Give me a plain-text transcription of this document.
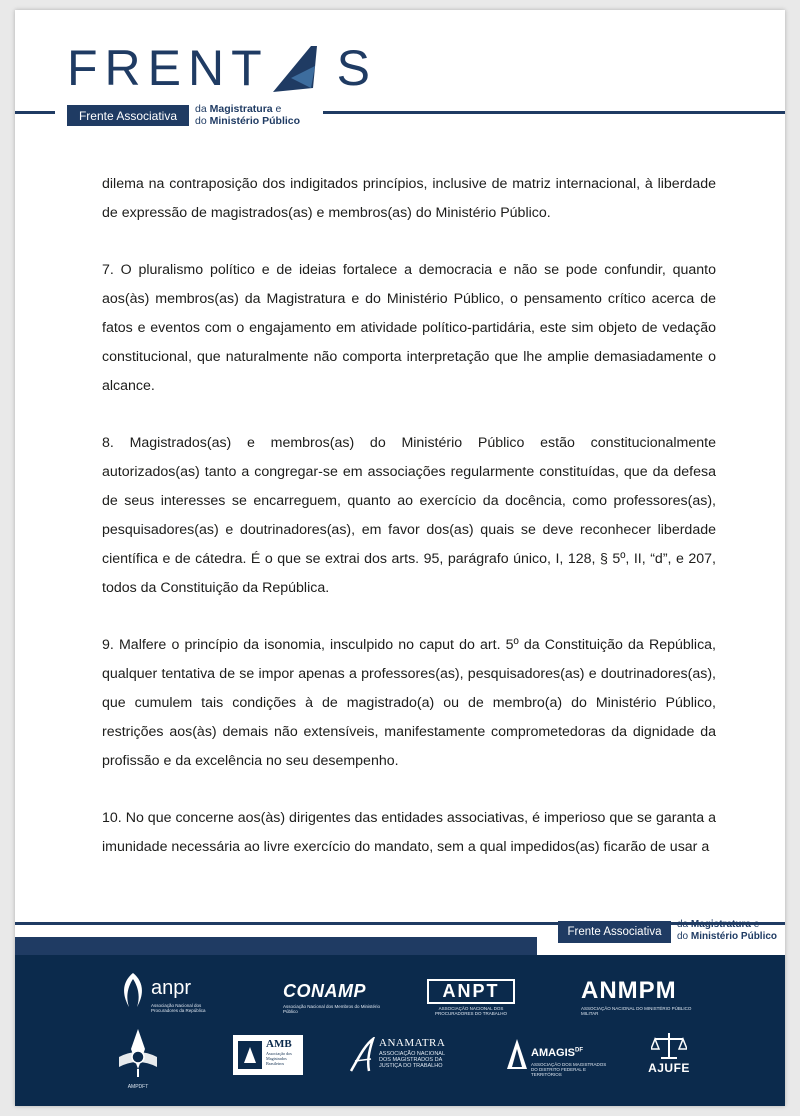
FRENT S
Frente Associativa	da Magistratura e
do Ministério Público

dilema na contraposição dos indigitados princípios, inclusive de matriz internacional, à liberdade de expressão de magistrados(as) e membros(as) do Ministério Público.

7. O pluralismo político e de ideias fortalece a democracia e não se pode confundir, quanto aos(às) membros(as) da Magistratura e do Ministério Público, o pensamento crítico acerca de fatos e eventos com o engajamento em atividade político-partidária, este sim objeto de vedação constitucional, que naturalmente não comporta interpretação que lhe amplie demasiadamente o alcance.

8. Magistrados(as) e membros(as) do Ministério Público estão constitucionalmente autorizados(as) tanto a congregar-se em associações regularmente constituídas, que da defesa de seus interesses se encarreguem, quanto ao exercício da docência, como professores(as), pesquisadores(as) e doutrinadores(as), em favor dos(as) quais se deve reconhecer liberdade científica e de cátedra. É o que se extrai dos arts. 95, parágrafo único, I, 128, § 5º, II, “d”, e 207, todos da Constituição da República.

9. Malfere o princípio da isonomia, insculpido no caput do art. 5º da Constituição da República, qualquer tentativa de se impor apenas a professores(as), pesquisadores(as) e doutrinadores(as), que cumulem tais condições à de magistrado(a) ou de membro(a) do Ministério Público, restrições aos(às) demais não extensíveis, manifestamente comprometedoras da dignidade da profissão e da excelência no seu desempenho.

10. No que concerne aos(às) dirigentes das entidades associativas, é imperioso que se garanta a imunidade necessária ao livre exercício do mandato, sem a qual impedidos(as) ficarão de usar a

Frente Associativa
da Magistratura e
do Ministério Público
anpr
Associação Nacional dos Procuradores da República
CONAMP
Associação Nacional dos Membros do Ministério Público
ANPT
ASSOCIAÇÃO NACIONAL DOS PROCURADORES DO TRABALHO
ANMPM
ASSOCIAÇÃO NACIONAL DO MINISTÉRIO PÚBLICO MILITAR
AMPDFT
AMB
Associação dos Magistrados Brasileiros
ANAMATRA
ASSOCIAÇÃO NACIONAL DOS MAGISTRADOS DA JUSTIÇA DO TRABALHO
$AMAGIS^{DF}$
ASSOCIAÇÃO DOS MAGISTRADOS DO DISTRITO FEDERAL E TERRITÓRIOS	AJUFE
